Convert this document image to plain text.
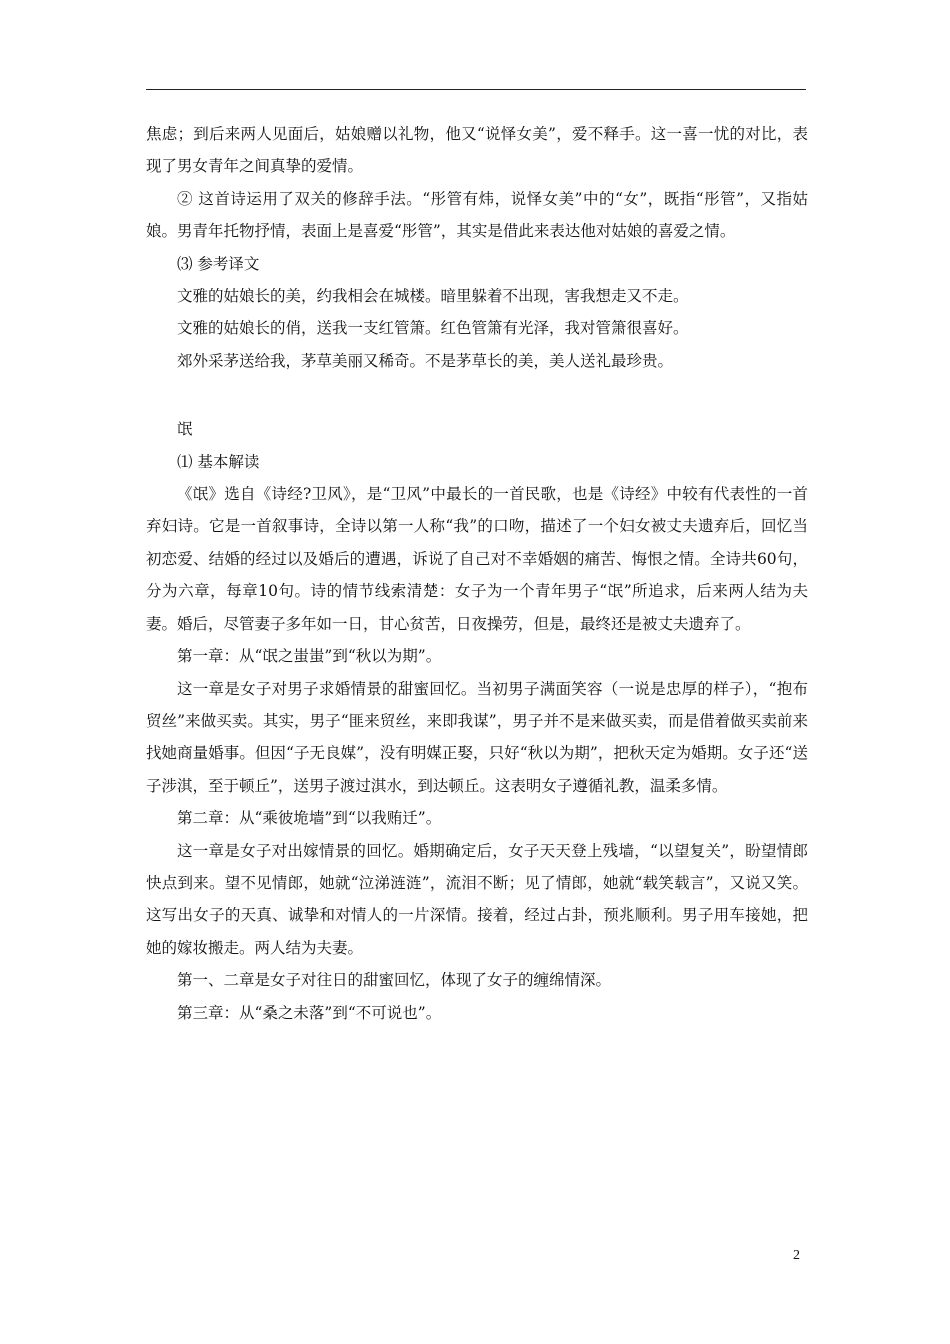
焦虑；到后来两人见面后，姑娘赠以礼物，他又“说怿女美”，爱不释手。这一喜一忧的对比，表现了男女青年之间真挚的爱情。

② 这首诗运用了双关的修辞手法。“彤管有炜，说怿女美”中的“女”，既指“彤管”，又指姑娘。男青年托物抒情，表面上是喜爱“彤管”，其实是借此来表达他对姑娘的喜爱之情。

⑶ 参考译文

文雅的姑娘长的美，约我相会在城楼。暗里躲着不出现，害我想走又不走。

文雅的姑娘长的俏，送我一支红管箫。红色管箫有光泽，我对管箫很喜好。

郊外采茅送给我，茅草美丽又稀奇。不是茅草长的美，美人送礼最珍贵。

氓

⑴ 基本解读

《氓》选自《诗经?卫风》，是“卫风”中最长的一首民歌，也是《诗经》中较有代表性的一首弃妇诗。它是一首叙事诗，全诗以第一人称“我”的口吻，描述了一个妇女被丈夫遗弃后，回忆当初恋爱、结婚的经过以及婚后的遭遇，诉说了自己对不幸婚姻的痛苦、悔恨之情。全诗共60句，分为六章，每章10句。诗的情节线索清楚：女子为一个青年男子“氓”所追求，后来两人结为夫妻。婚后，尽管妻子多年如一日，甘心贫苦，日夜操劳，但是，最终还是被丈夫遗弃了。

第一章：从“氓之蚩蚩”到“秋以为期”。

这一章是女子对男子求婚情景的甜蜜回忆。当初男子满面笑容（一说是忠厚的样子），“抱布贸丝”来做买卖。其实，男子“匪来贸丝，来即我谋”，男子并不是来做买卖，而是借着做买卖前来找她商量婚事。但因“子无良媒”，没有明媒正娶，只好“秋以为期”，把秋天定为婚期。女子还“送子涉淇，至于顿丘”，送男子渡过淇水，到达顿丘。这表明女子遵循礼教，温柔多情。

第二章：从“乘彼垝墙”到“以我贿迁”。

这一章是女子对出嫁情景的回忆。婚期确定后，女子天天登上残墙，“以望复关”，盼望情郎快点到来。望不见情郎，她就“泣涕涟涟”，流泪不断；见了情郎，她就“载笑载言”，又说又笑。这写出女子的天真、诚挚和对情人的一片深情。接着，经过占卦，预兆顺利。男子用车接她，把她的嫁妆搬走。两人结为夫妻。

第一、二章是女子对往日的甜蜜回忆，体现了女子的缠绵情深。

第三章：从“桑之未落”到“不可说也”。

2
